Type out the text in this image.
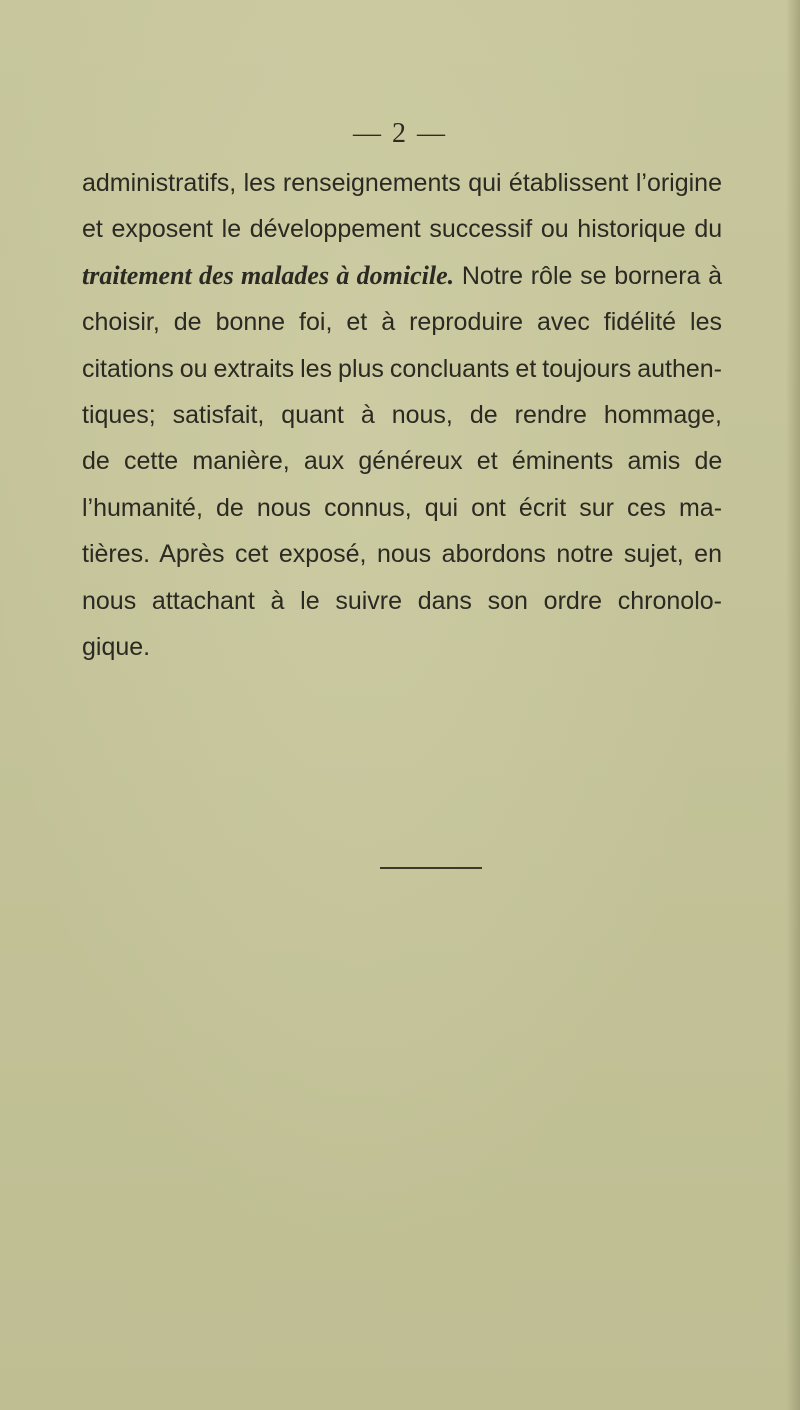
— 2 —
administratifs, les renseignements qui établissent l’origine
et exposent le développement successif ou historique du
traitement des malades à domicile. Notre rôle se bornera à
choisir, de bonne foi, et à reproduire avec fidélité les
citations ou extraits les plus concluants et toujours authen-
tiques; satisfait, quant à nous, de rendre hommage,
de cette manière, aux généreux et éminents amis de
l’humanité, de nous connus, qui ont écrit sur ces ma-
tières. Après cet exposé, nous abordons notre sujet, en
nous attachant à le suivre dans son ordre chronolo-
gique.
